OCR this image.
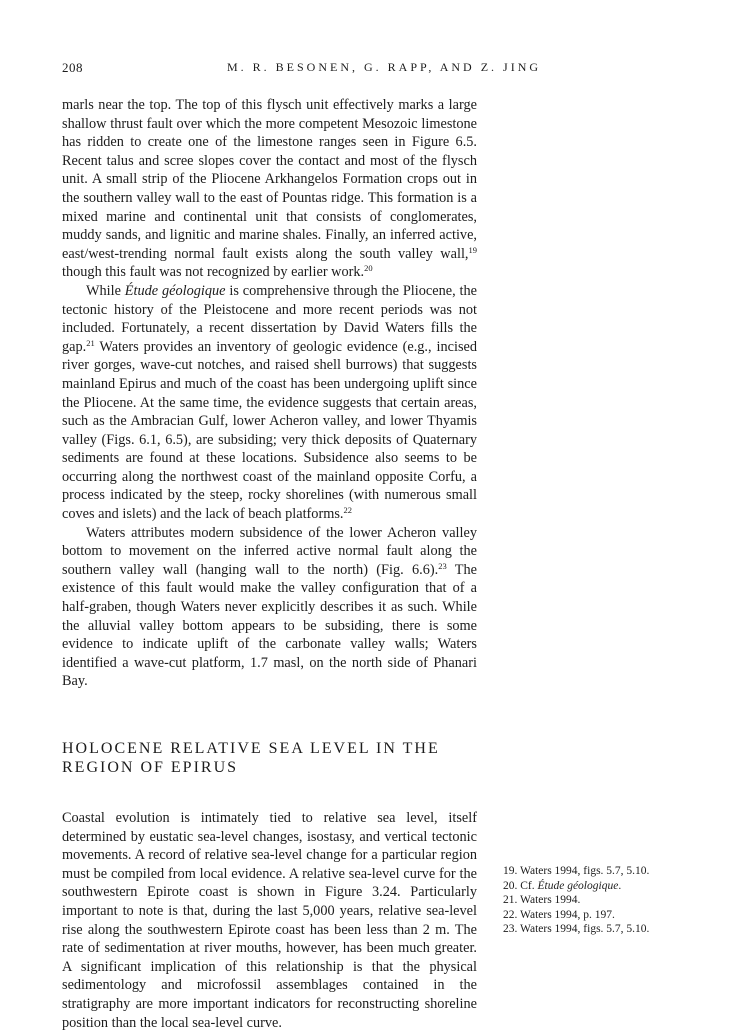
208	M. R. BESONEN, G. RAPP, AND Z. JING

marls near the top. The top of this flysch unit effectively marks a large shallow thrust fault over which the more competent Mesozoic limestone has ridden to create one of the limestone ranges seen in Figure 6.5. Recent talus and scree slopes cover the contact and most of the flysch unit. A small strip of the Pliocene Arkhangelos Formation crops out in the southern valley wall to the east of Pountas ridge. This formation is a mixed marine and continental unit that consists of conglomerates, muddy sands, and lignitic and marine shales. Finally, an inferred active, east/west-trending normal fault exists along the south valley wall,$^{19}$ though this fault was not recognized by earlier work.$^{20}$

While Étude géologique is comprehensive through the Pliocene, the tectonic history of the Pleistocene and more recent periods was not included. Fortunately, a recent dissertation by David Waters fills the gap.$^{21}$ Waters provides an inventory of geologic evidence (e.g., incised river gorges, wave-cut notches, and raised shell burrows) that suggests mainland Epirus and much of the coast has been undergoing uplift since the Pliocene. At the same time, the evidence suggests that certain areas, such as the Ambracian Gulf, lower Acheron valley, and lower Thyamis valley (Figs. 6.1, 6.5), are subsiding; very thick deposits of Quaternary sediments are found at these locations. Subsidence also seems to be occurring along the northwest coast of the mainland opposite Corfu, a process indicated by the steep, rocky shorelines (with numerous small coves and islets) and the lack of beach platforms.$^{22}$

Waters attributes modern subsidence of the lower Acheron valley bottom to movement on the inferred active normal fault along the southern valley wall (hanging wall to the north) (Fig. 6.6).$^{23}$ The existence of this fault would make the valley configuration that of a half-graben, though Waters never explicitly describes it as such. While the alluvial valley bottom appears to be subsiding, there is some evidence to indicate uplift of the carbonate valley walls; Waters identified a wave-cut platform, 1.7 masl, on the north side of Phanari Bay.

HOLOCENE RELATIVE SEA LEVEL IN THE REGION OF EPIRUS

Coastal evolution is intimately tied to relative sea level, itself determined by eustatic sea-level changes, isostasy, and vertical tectonic movements. A record of relative sea-level change for a particular region must be compiled from local evidence. A relative sea-level curve for the southwestern Epirote coast is shown in Figure 3.24. Particularly important to note is that, during the last 5,000 years, relative sea-level rise along the southwestern Epirote coast has been less than 2 m. The rate of sedimentation at river mouths, however, has been much greater. A significant implication of this relationship is that the physical sedimentology and microfossil assemblages contained in the stratigraphy are more important indicators for reconstructing shoreline position than the local sea-level curve.

19. Waters 1994, figs. 5.7, 5.10.
20. Cf. Étude géologique.
21. Waters 1994.
22. Waters 1994, p. 197.
23. Waters 1994, figs. 5.7, 5.10.
